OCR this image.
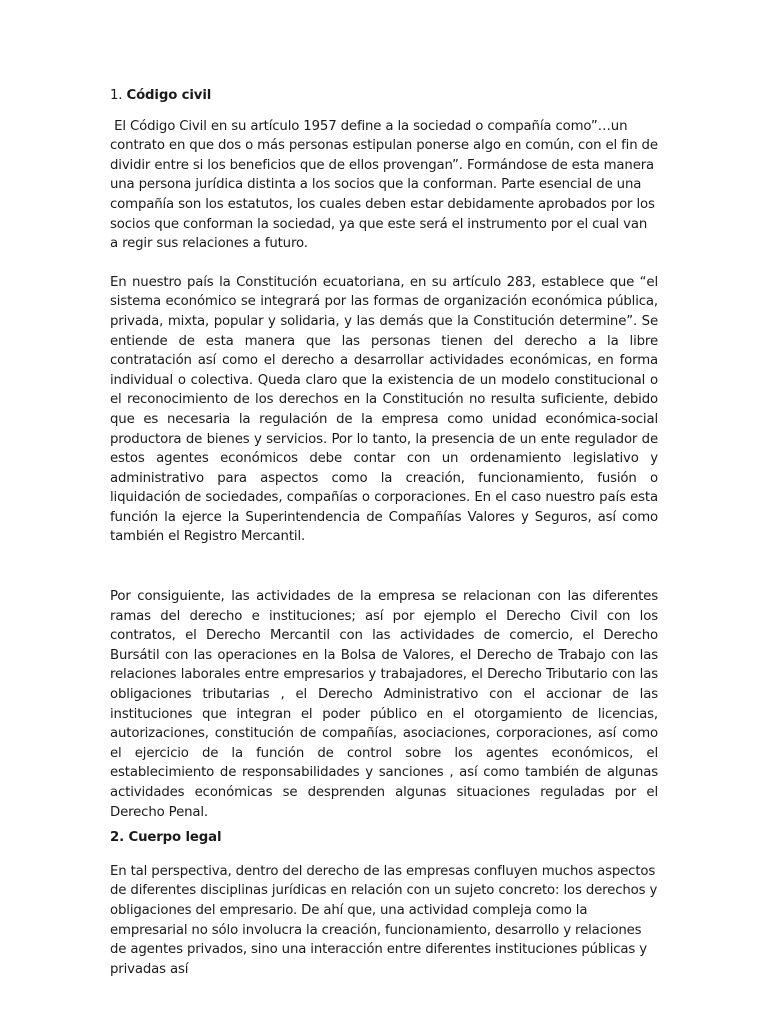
1. Código civil

El Código Civil en su artículo 1957 define a la sociedad o compañía como”…un contrato en que dos o más personas estipulan ponerse algo en común, con el fin de dividir entre si los beneficios que de ellos provengan”. Formándose de esta manera una persona jurídica distinta a los socios que la conforman. Parte esencial de una compañía son los estatutos, los cuales deben estar debidamente aprobados por los socios que conforman la sociedad, ya que este será el instrumento por el cual van a regir sus relaciones a futuro.

En nuestro país la Constitución ecuatoriana, en su artículo 283, establece que “el sistema económico se integrará por las formas de organización económica pública, privada, mixta, popular y solidaria, y las demás que la Constitución determine”. Se entiende de esta manera que las personas tienen del derecho a la libre contratación así como el derecho a desarrollar actividades económicas, en forma individual o colectiva. Queda claro que la existencia de un modelo constitucional o el reconocimiento de los derechos en la Constitución no resulta suficiente, debido que es necesaria la regulación de la empresa como unidad económica-social productora de bienes y servicios. Por lo tanto, la presencia de un ente regulador de estos agentes económicos debe contar con un ordenamiento legislativo y administrativo para aspectos como la creación, funcionamiento, fusión o liquidación de sociedades, compañías o corporaciones. En el caso nuestro país esta función la ejerce la Superintendencia de Compañías Valores y Seguros, así como también el Registro Mercantil.

Por consiguiente, las actividades de la empresa se relacionan con las diferentes ramas del derecho e instituciones; así por ejemplo el Derecho Civil con los contratos, el Derecho Mercantil con las actividades de comercio, el Derecho Bursátil con las operaciones en la Bolsa de Valores, el Derecho de Trabajo con las relaciones laborales entre empresarios y trabajadores, el Derecho Tributario con las obligaciones tributarias , el Derecho Administrativo con el accionar de las instituciones que integran el poder público en el otorgamiento de licencias, autorizaciones, constitución de compañías, asociaciones, corporaciones, así como el ejercicio de la función de control sobre los agentes económicos, el establecimiento de responsabilidades y sanciones , así como también de algunas actividades económicas se desprenden algunas situaciones reguladas por el Derecho Penal.

2. Cuerpo legal

En tal perspectiva, dentro del derecho de las empresas confluyen muchos aspectos de diferentes disciplinas jurídicas en relación con un sujeto concreto: los derechos y obligaciones del empresario. De ahí que, una actividad compleja como la empresarial no sólo involucra la creación, funcionamiento, desarrollo y relaciones de agentes privados, sino una interacción entre diferentes instituciones públicas y privadas así
